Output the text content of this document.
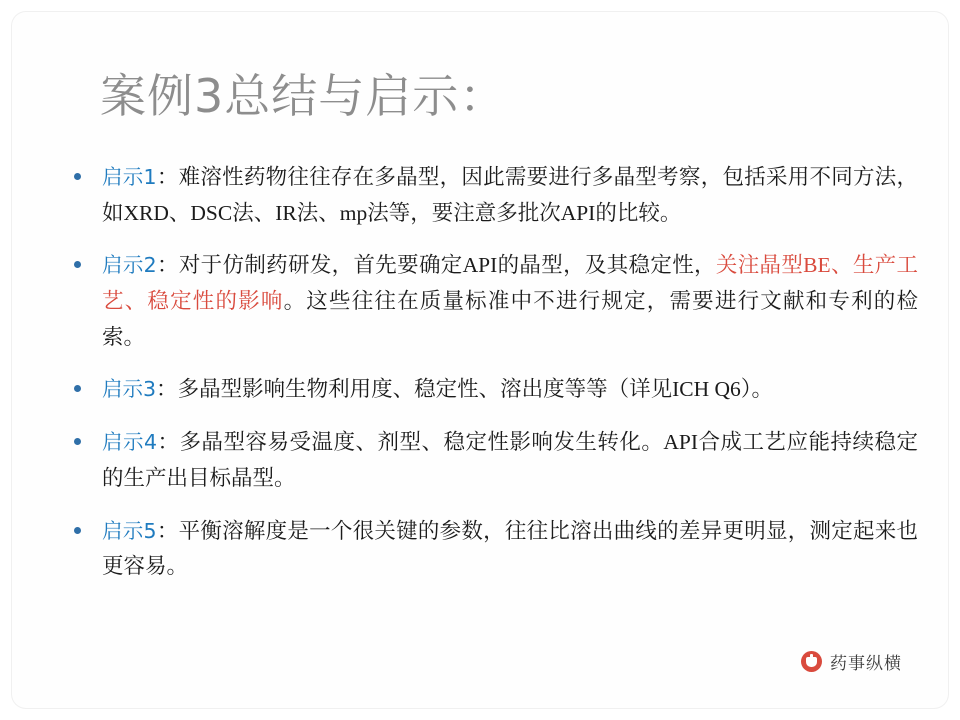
案例3总结与启示：
启示1：难溶性药物往往存在多晶型，因此需要进行多晶型考察，包括采用不同方法，如XRD、DSC法、IR法、mp法等，要注意多批次API的比较。
启示2：对于仿制药研发，首先要确定API的晶型，及其稳定性，关注晶型BE、生产工艺、稳定性的影响。这些往往在质量标准中不进行规定，需要进行文献和专利的检索。
启示3：多晶型影响生物利用度、稳定性、溶出度等等（详见ICH Q6）。
启示4：多晶型容易受温度、剂型、稳定性影响发生转化。API合成工艺应能持续稳定的生产出目标晶型。
启示5：平衡溶解度是一个很关键的参数，往往比溶出曲线的差异更明显，测定起来也更容易。
药事纵横
